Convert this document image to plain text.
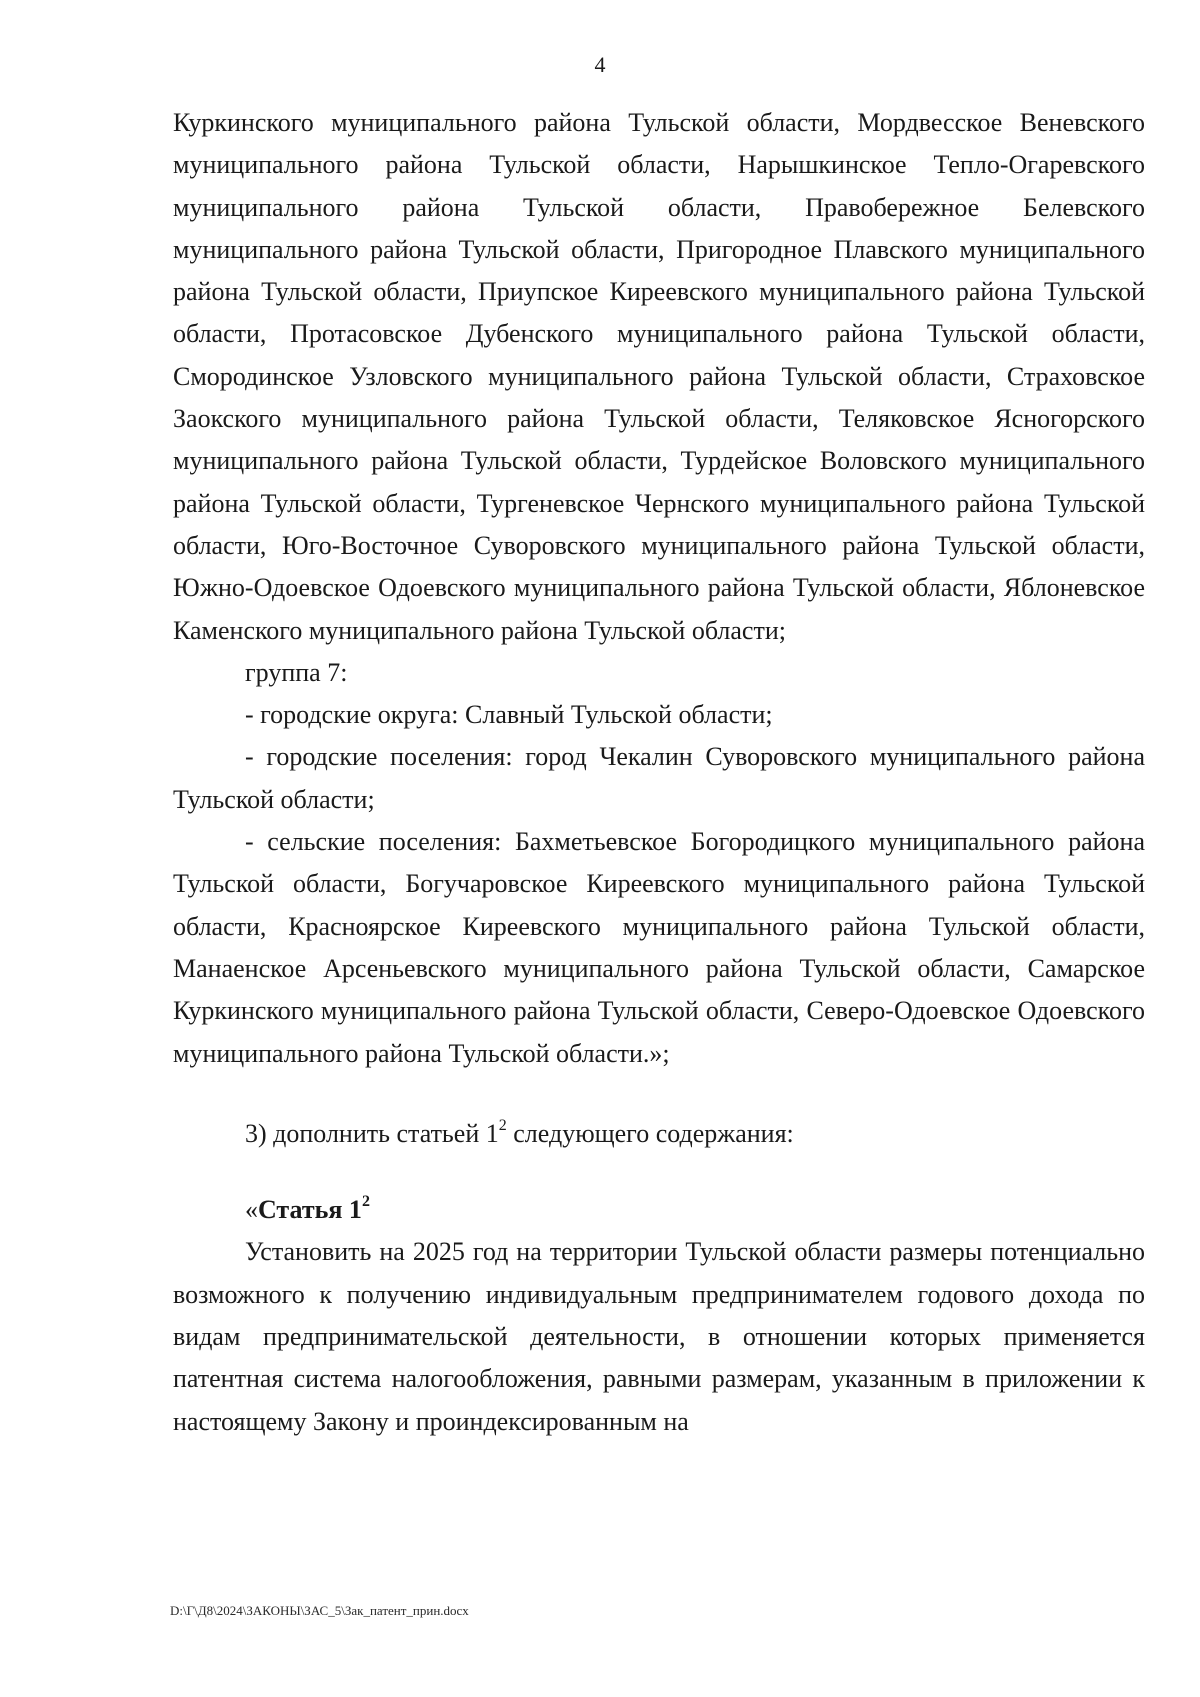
4

Куркинского муниципального района Тульской области, Мордвесское Веневского муниципального района Тульской области, Нарышкинское Тепло-Огаревского муниципального района Тульской области, Правобережное Белевского муниципального района Тульской области, Пригородное Плавского муниципального района Тульской области, Приупское Киреевского муниципального района Тульской области, Протасовское Дубенского муниципального района Тульской области, Смородинское Узловского муниципального района Тульской области, Страховское Заокского муниципального района Тульской области, Теляковское Ясногорского муниципального района Тульской области, Турдейское Воловского муниципального района Тульской области, Тургеневское Чернского муниципального района Тульской области, Юго-Восточное Суворовского муниципального района Тульской области, Южно-Одоевское Одоевского муниципального района Тульской области, Яблоневское Каменского муниципального района Тульской области;

группа 7:

- городские округа: Славный Тульской области;

- городские поселения: город Чекалин Суворовского муниципального района Тульской области;

- сельские поселения: Бахметьевское Богородицкого муниципального района Тульской области, Богучаровское Киреевского муниципального района Тульской области, Красноярское Киреевского муниципального района Тульской области, Манаенское Арсеньевского муниципального района Тульской области, Самарское Куркинского муниципального района Тульской области, Северо-Одоевское Одоевского муниципального района Тульской области.»;

3) дополнить статьей $1^2$ следующего содержания:

«Статья $1^2$

Установить на 2025 год на территории Тульской области размеры потенциально возможного к получению индивидуальным предпринимателем годового дохода по видам предпринимательской деятельности, в отношении которых применяется патентная система налогообложения, равными размерам, указанным в приложении к настоящему Закону и проиндексированным на

D:\Г\Д8\2024\ЗАКОНЫ\ЗАС_5\Зак_патент_прин.docx
